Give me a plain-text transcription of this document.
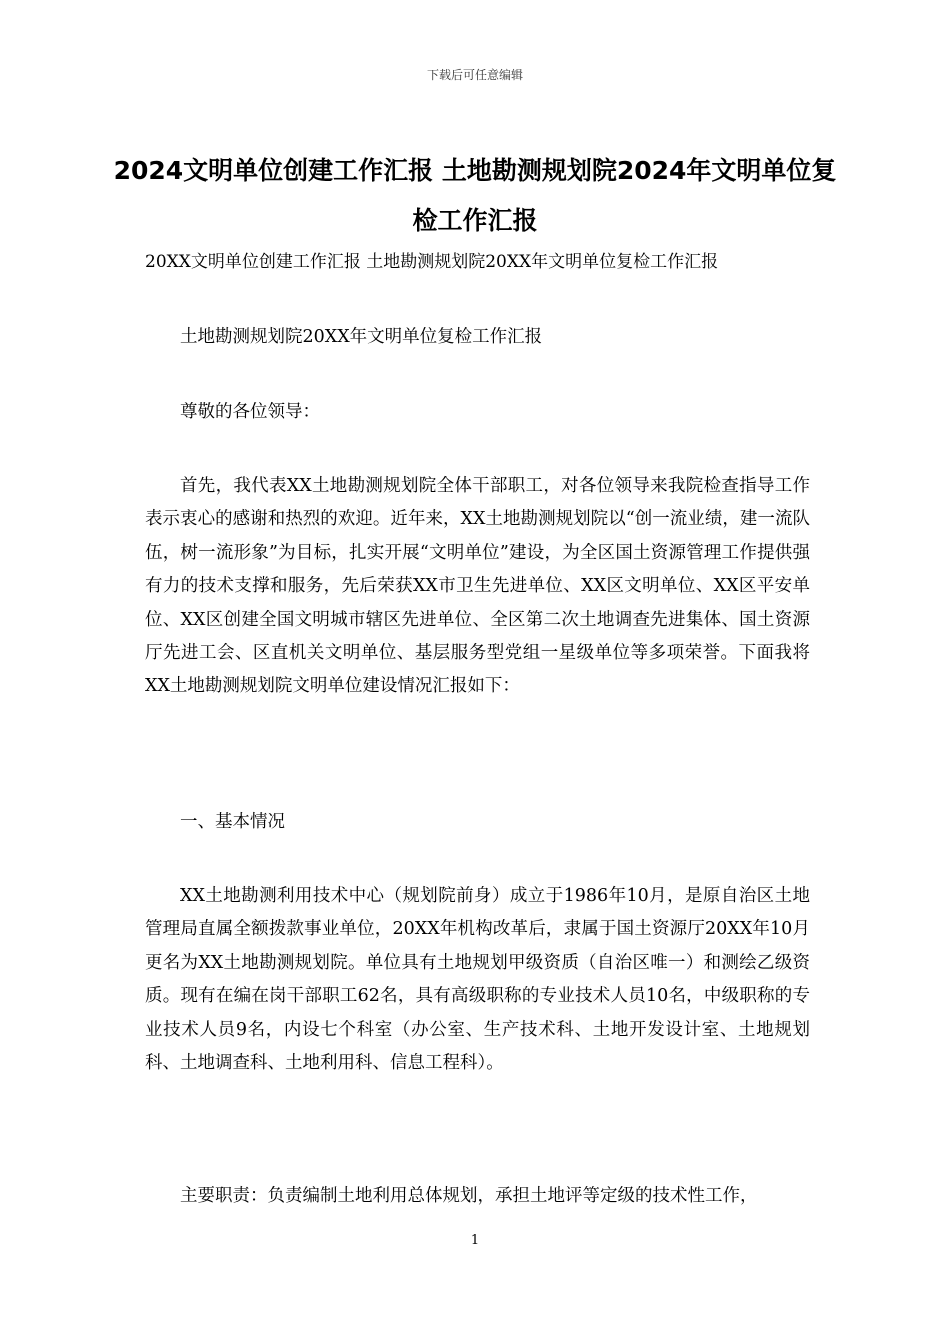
下载后可任意编辑
2024文明单位创建工作汇报 土地勘测规划院2024年文明单位复检工作汇报

20XX文明单位创建工作汇报 土地勘测规划院20XX年文明单位复检工作汇报

土地勘测规划院20XX年文明单位复检工作汇报

尊敬的各位领导：

首先，我代表XX土地勘测规划院全体干部职工，对各位领导来我院检查指导工作表示衷心的感谢和热烈的欢迎。近年来，XX土地勘测规划院以“创一流业绩，建一流队伍，树一流形象”为目标，扎实开展“文明单位”建设，为全区国土资源管理工作提供强有力的技术支撑和服务，先后荣获XX市卫生先进单位、XX区文明单位、XX区平安单位、XX区创建全国文明城市辖区先进单位、全区第二次土地调查先进集体、国土资源厅先进工会、区直机关文明单位、基层服务型党组一星级单位等多项荣誉。下面我将XX土地勘测规划院文明单位建设情况汇报如下：

一、基本情况

XX土地勘测利用技术中心（规划院前身）成立于1986年10月，是原自治区土地管理局直属全额拨款事业单位，20XX年机构改革后，隶属于国土资源厅20XX年10月更名为XX土地勘测规划院。单位具有土地规划甲级资质（自治区唯一）和测绘乙级资质。现有在编在岗干部职工62名，具有高级职称的专业技术人员10名，中级职称的专业技术人员9名，内设七个科室（办公室、生产技术科、土地开发设计室、土地规划科、土地调查科、土地利用科、信息工程科）。

主要职责：负责编制土地利用总体规划，承担土地评等定级的技术性工作，

1
